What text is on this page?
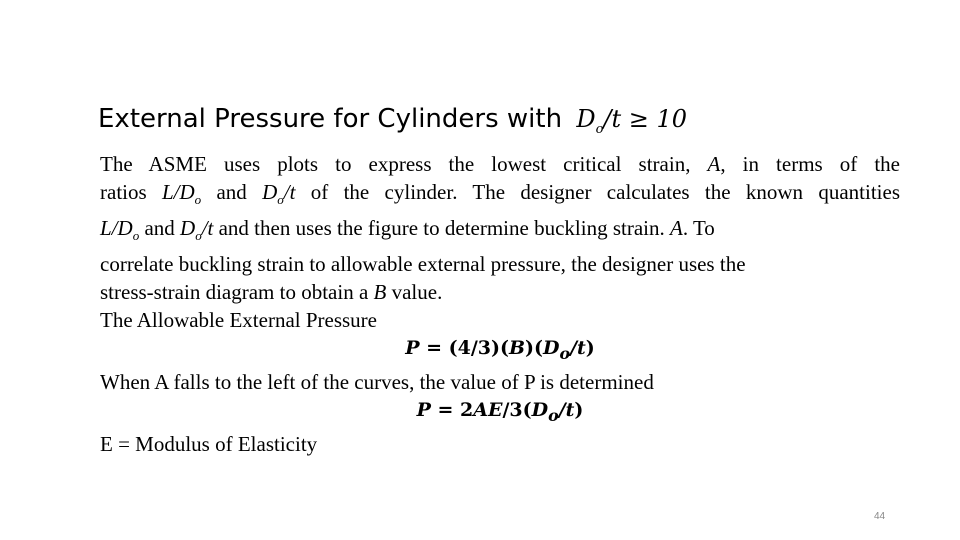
External Pressure for Cylinders with $D_o/t \ge 10$
The ASME uses plots to express the lowest critical strain, A, in terms of the
ratios $L/D_o$ and $D_o/t$ of the cylinder. The designer calculates the known quantities
$L/D_o$ and $D_o/t$ and then uses the figure to determine buckling strain. A. To
correlate buckling strain to allowable external pressure, the designer uses the
stress-strain diagram to obtain a B value.
The Allowable External Pressure
$P = (4/3)(B)(D_o/t)$
When A falls to the left of the curves, the value of P is determined
$P = 2AE/3(D_o/t)$
E = Modulus of Elasticity
44
